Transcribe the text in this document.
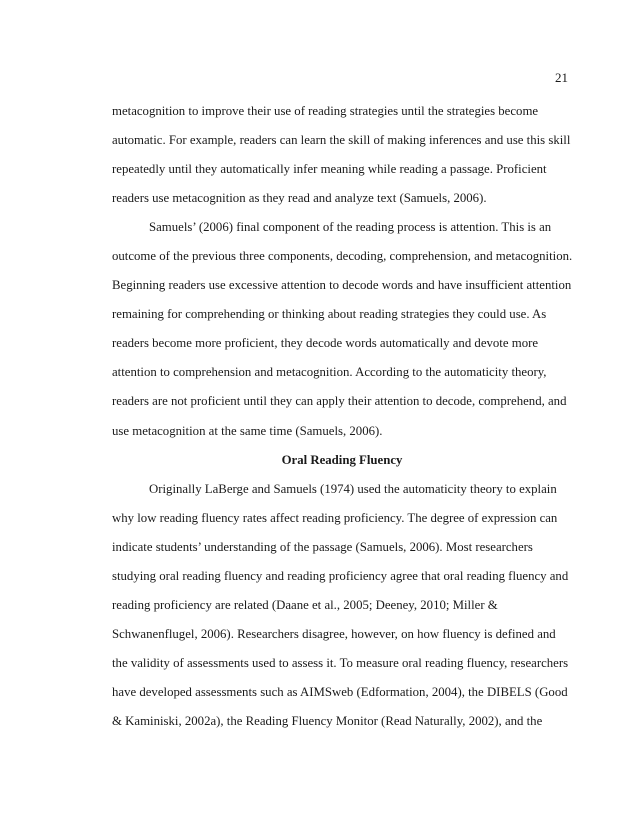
21
metacognition to improve their use of reading strategies until the strategies become
automatic. For example, readers can learn the skill of making inferences and use this skill
repeatedly until they automatically infer meaning while reading a passage. Proficient
readers use metacognition as they read and analyze text (Samuels, 2006).
Samuels’ (2006) final component of the reading process is attention. This is an
outcome of the previous three components, decoding, comprehension, and metacognition.
Beginning readers use excessive attention to decode words and have insufficient attention
remaining for comprehending or thinking about reading strategies they could use. As
readers become more proficient, they decode words automatically and devote more
attention to comprehension and metacognition. According to the automaticity theory,
readers are not proficient until they can apply their attention to decode, comprehend, and
use metacognition at the same time (Samuels, 2006).
Oral Reading Fluency
Originally LaBerge and Samuels (1974) used the automaticity theory to explain
why low reading fluency rates affect reading proficiency. The degree of expression can
indicate students’ understanding of the passage (Samuels, 2006). Most researchers
studying oral reading fluency and reading proficiency agree that oral reading fluency and
reading proficiency are related (Daane et al., 2005; Deeney, 2010; Miller &
Schwanenflugel, 2006). Researchers disagree, however, on how fluency is defined and
the validity of assessments used to assess it. To measure oral reading fluency, researchers
have developed assessments such as AIMSweb (Edformation, 2004), the DIBELS (Good
& Kaminiski, 2002a), the Reading Fluency Monitor (Read Naturally, 2002), and the
